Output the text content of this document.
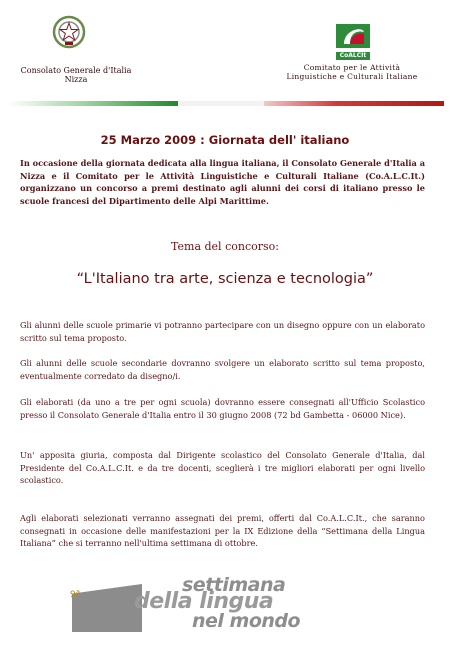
Consolato Generale d'Italia
Nizza
CoALCIt
Comitato per le Attività
Linguistiche e Culturali Italiane
25 Marzo 2009 : Giornata dell' italiano
In occasione della giornata dedicata alla lingua italiana, il Consolato Generale d'Italia a Nizza e il Comitato per le Attività Linguistiche e Culturali Italiane (Co.A.L.C.It.) organizzano un concorso a premi destinato agli alunni dei corsi di italiano presso le scuole francesi del Dipartimento delle Alpi Marittime.
Tema del concorso:
“L'Italiano tra arte, scienza e tecnologia”
Gli alunni delle scuole primarie vi potranno partecipare con un disegno oppure con un elaborato scritto sul tema proposto.
Gli alunni delle scuole secondarie dovranno svolgere un elaborato scritto sul tema proposto, eventualmente corredato da disegno/i.
Gli elaborati (da uno a tre per ogni scuola) dovranno essere consegnati all'Ufficio Scolastico presso il Consolato Generale d'Italia entro il 30 giugno 2008 (72 bd Gambetta - 06000 Nice).
Un' apposita giuria, composta dal Dirigente scolastico del Consolato Generale d'Italia, dal Presidente del Co.A.L.C.It. e da tre docenti, sceglierà i tre migliori elaborati per ogni livello scolastico.
Agli elaborati selezionati verranno assegnati dei premi, offerti dal Co.A.L.C.It., che saranno consegnati in occasione delle manifestazioni per la IX Edizione della “Settimana della Lingua Italiana” che si terranno nell'ultima settimana di ottobre.
9ª	settimana
della lingua
nel mondo
